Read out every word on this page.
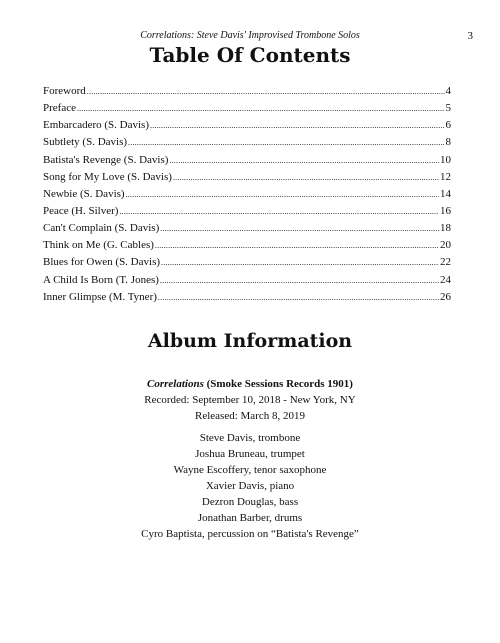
Correlations: Steve Davis' Improvised Trombone Solos	3
Table Of Contents
Foreword .....	4
Preface .....	5
Embarcadero (S. Davis) .....	6
Subtlety (S. Davis) .....	8
Batista's Revenge (S. Davis) .....	10
Song for My Love (S. Davis) .....	12
Newbie (S. Davis) .....	14
Peace (H. Silver) .....	16
Can't Complain (S. Davis) .....	18
Think on Me (G. Cables) .....	20
Blues for Owen (S. Davis) .....	22
A Child Is Born (T. Jones) .....	24
Inner Glimpse (M. Tyner) .....	26
Album Information
Correlations (Smoke Sessions Records 1901)
Recorded: September 10, 2018 - New York, NY
Released: March 8, 2019
Steve Davis, trombone
Joshua Bruneau, trumpet
Wayne Escoffery, tenor saxophone
Xavier Davis, piano
Dezron Douglas, bass
Jonathan Barber, drums
Cyro Baptista, percussion on “Batista's Revenge”
